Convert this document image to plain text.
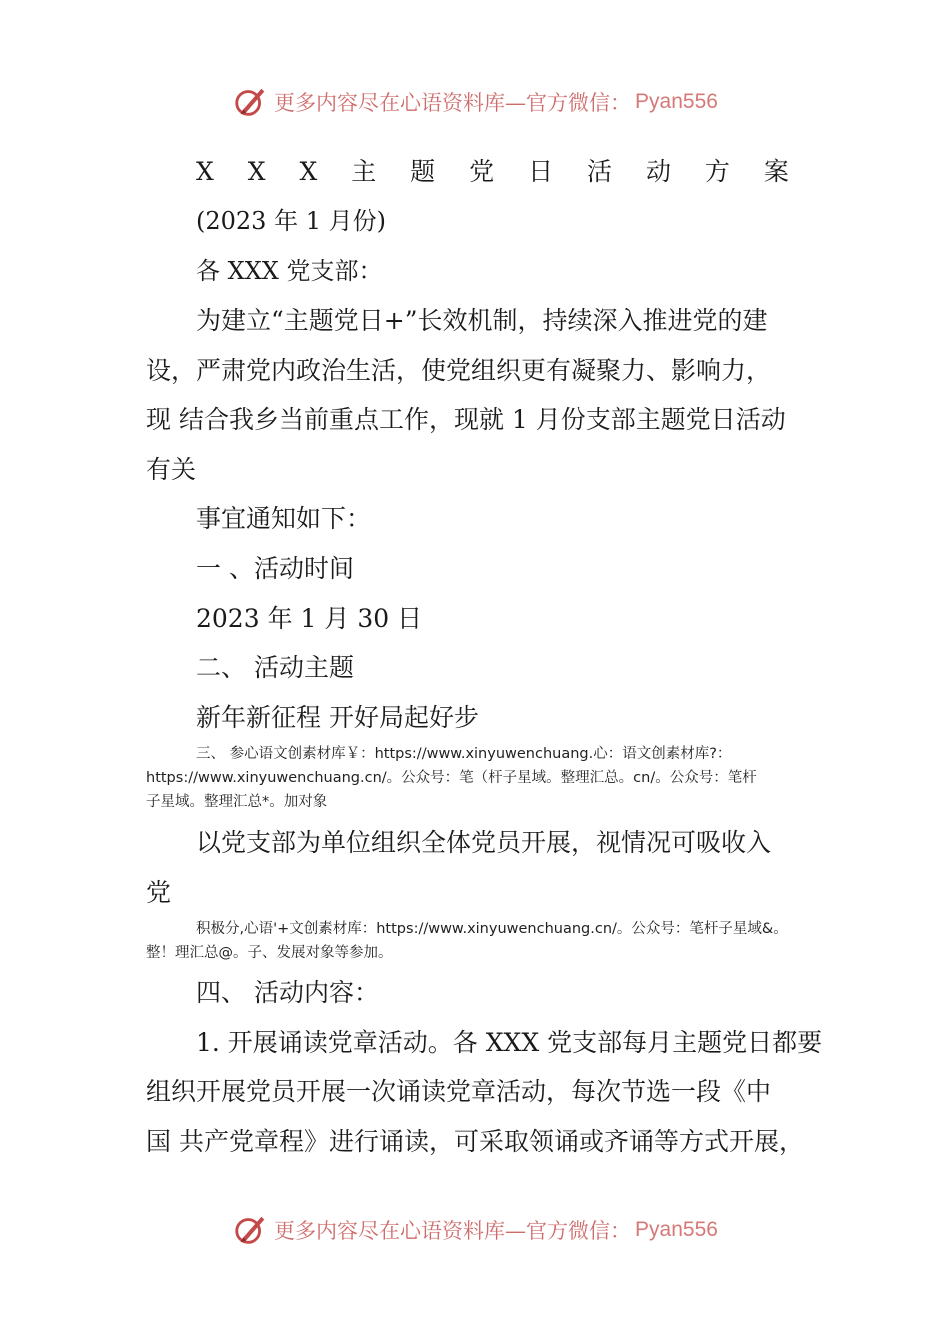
更多内容尽在心语资料库—官方微信： Pyan556
X X X 主 题 党 日 活 动 方 案
(2023 年 1 月份)
各 XXX 党支部：
为建立“主题党日+”长效机制，持续深入推进党的建
设，严肃党内政治生活，使党组织更有凝聚力、影响力，
现 结合我乡当前重点工作，现就 1 月份支部主题党日活动
有关
事宜通知如下：
一 、活动时间
2023 年 1 月 30 日
二、 活动主题
新年新征程 开好局起好步
三、 参心语文创素材库￥：https://www.xinyuwenchuang.心：语文创素材库?：
https://www.xinyuwenchuang.cn/。公众号：笔（杆子星域。整理汇总。cn/。公众号：笔杆
子星域。整理汇总*。加对象
以党支部为单位组织全体党员开展，视情况可吸收入
党
积极分,心语'+文创素材库：https://www.xinyuwenchuang.cn/。公众号：笔杆子星域&。
整！理汇总@。子、发展对象等参加。
四、 活动内容：
1. 开展诵读党章活动。各 XXX 党支部每月主题党日都要
组织开展党员开展一次诵读党章活动，每次节选一段《中
国 共产党章程》进行诵读，可采取领诵或齐诵等方式开展，
更多内容尽在心语资料库—官方微信： Pyan556
